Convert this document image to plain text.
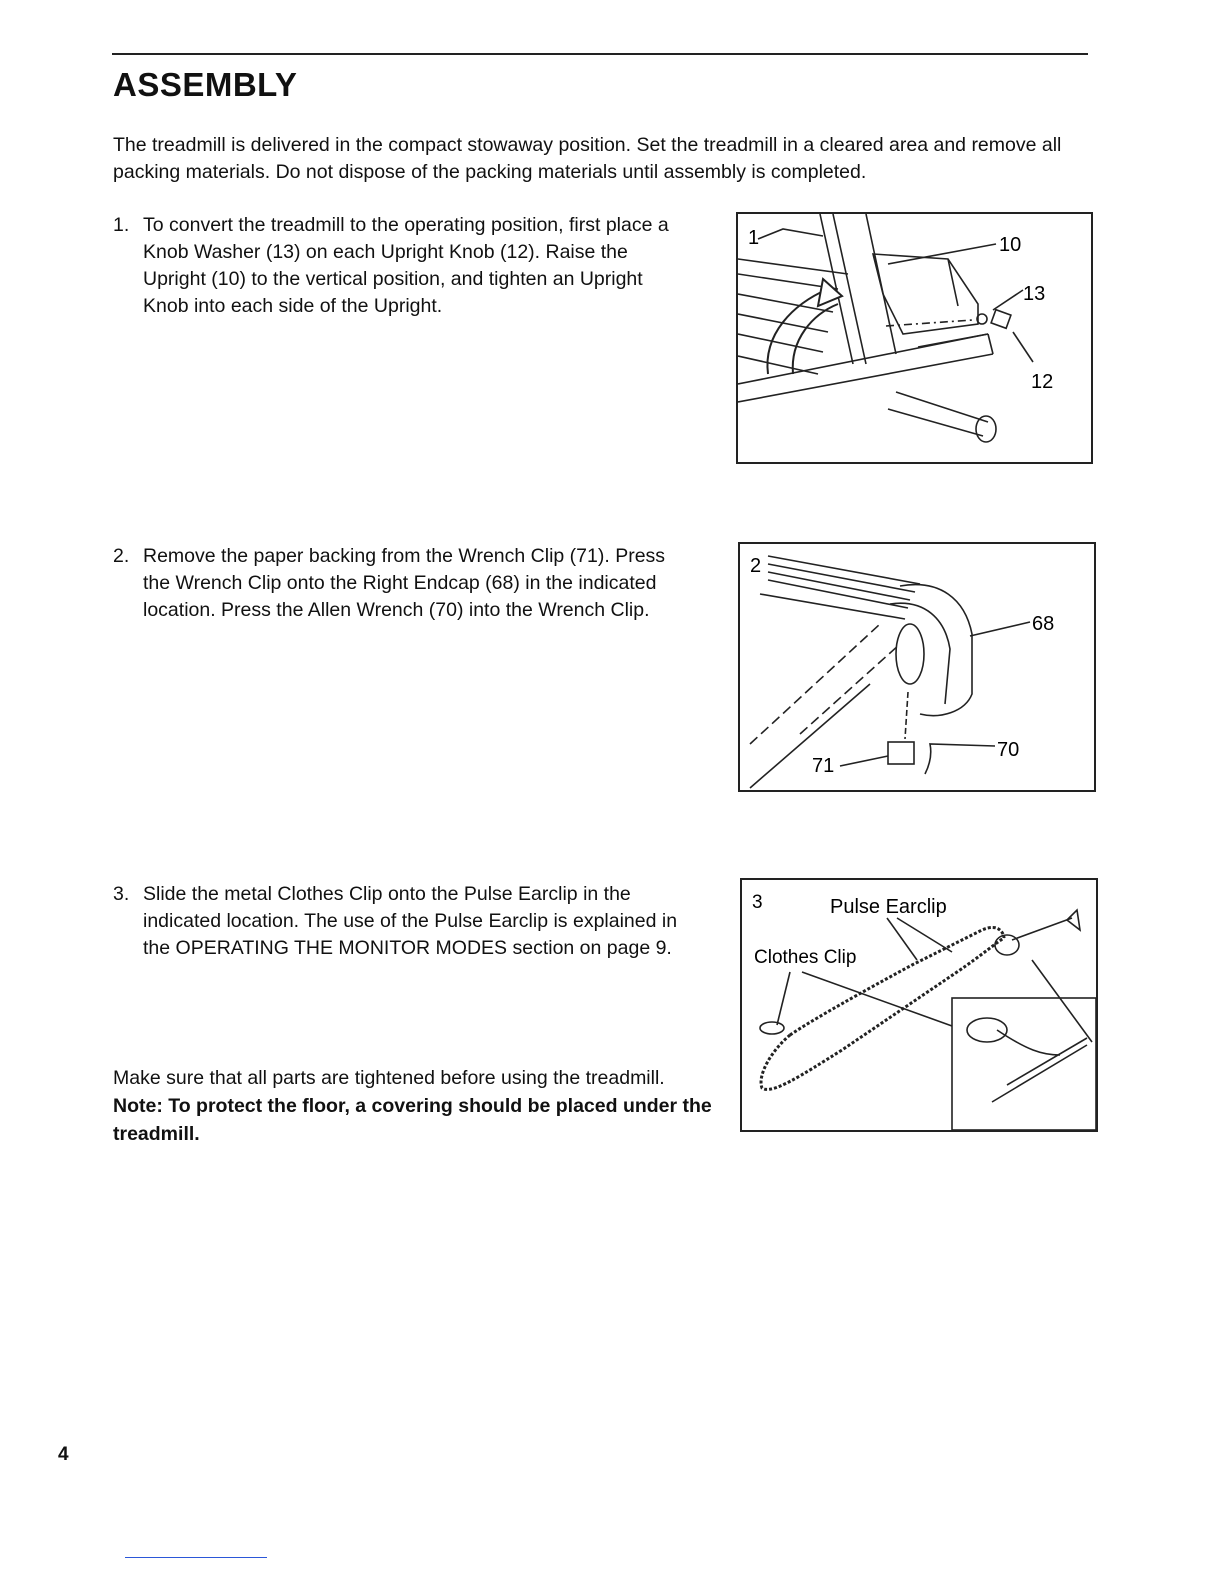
ASSEMBLY

The treadmill is delivered in the compact stowaway position. Set the treadmill in a cleared area and remove all packing materials. Do not dispose of the packing materials until assembly is completed.

1. To convert the treadmill to the operating position, first place a Knob Washer (13) on each Upright Knob (12). Raise the Upright (10) to the vertical position, and tighten an Upright Knob into each side of the Upright.
2. Remove the paper backing from the Wrench Clip (71). Press the Wrench Clip onto the Right Endcap (68) in the indicated location. Press the Allen Wrench (70) into the Wrench Clip.
3. Slide the metal Clothes Clip onto the Pulse Earclip in the indicated location. The use of the Pulse Earclip is explained in the OPERATING THE MONITOR MODES section on page 9.
Make sure that all parts are tightened before using the treadmill. Note: To protect the floor, a covering should be placed under the treadmill.
1	10
13
12
2
68
70
71
3	Pulse Earclip
Clothes Clip
4
